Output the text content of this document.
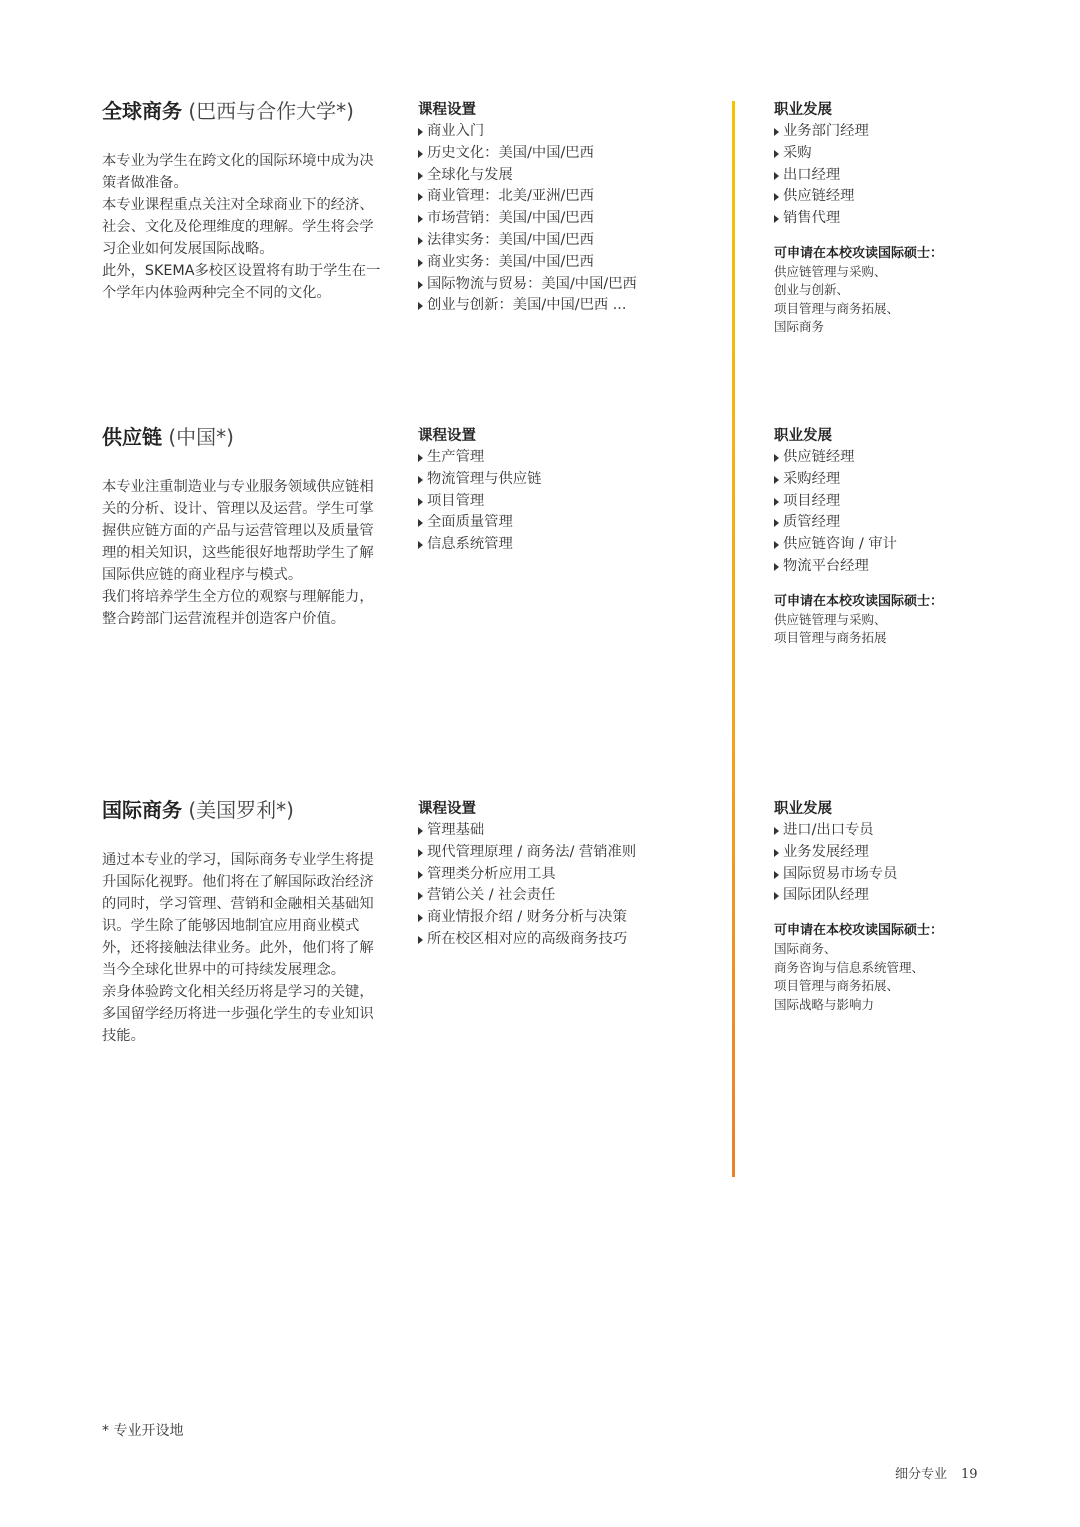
全球商务 (巴西与合作大学*)
本专业为学生在跨文化的国际环境中成为决策者做准备。
本专业课程重点关注对全球商业下的经济、社会、文化及伦理维度的理解。学生将会学习企业如何发展国际战略。
此外，SKEMA多校区设置将有助于学生在一个学年内体验两种完全不同的文化。
课程设置
商业入门
历史文化：美国/中国/巴西
全球化与发展
商业管理：北美/亚洲/巴西
市场营销：美国/中国/巴西
法律实务：美国/中国/巴西
商业实务：美国/中国/巴西
国际物流与贸易：美国/中国/巴西
创业与创新：美国/中国/巴西 ...
职业发展
业务部门经理
采购
出口经理
供应链经理
销售代理
可申请在本校攻读国际硕士：
供应链管理与采购、
创业与创新、
项目管理与商务拓展、
国际商务
供应链 (中国*)
本专业注重制造业与专业服务领域供应链相关的分析、设计、管理以及运营。学生可掌握供应链方面的产品与运营管理以及质量管理的相关知识，这些能很好地帮助学生了解国际供应链的商业程序与模式。
我们将培养学生全方位的观察与理解能力，整合跨部门运营流程并创造客户价值。
课程设置
生产管理
物流管理与供应链
项目管理
全面质量管理
信息系统管理
职业发展
供应链经理
采购经理
项目经理
质管经理
供应链咨询 / 审计
物流平台经理
可申请在本校攻读国际硕士：
供应链管理与采购、
项目管理与商务拓展
国际商务 (美国罗利*)
通过本专业的学习，国际商务专业学生将提升国际化视野。他们将在了解国际政治经济的同时，学习管理、营销和金融相关基础知识。学生除了能够因地制宜应用商业模式外，还将接触法律业务。此外，他们将了解当今全球化世界中的可持续发展理念。
亲身体验跨文化相关经历将是学习的关键，多国留学经历将进一步强化学生的专业知识技能。
课程设置
管理基础
现代管理原理 / 商务法/ 营销准则
管理类分析应用工具
营销公关 / 社会责任
商业情报介绍 / 财务分析与决策
所在校区相对应的高级商务技巧
职业发展
进口/出口专员
业务发展经理
国际贸易市场专员
国际团队经理
可申请在本校攻读国际硕士：
国际商务、
商务咨询与信息系统管理、
项目管理与商务拓展、
国际战略与影响力
* 专业开设地
细分专业 19
